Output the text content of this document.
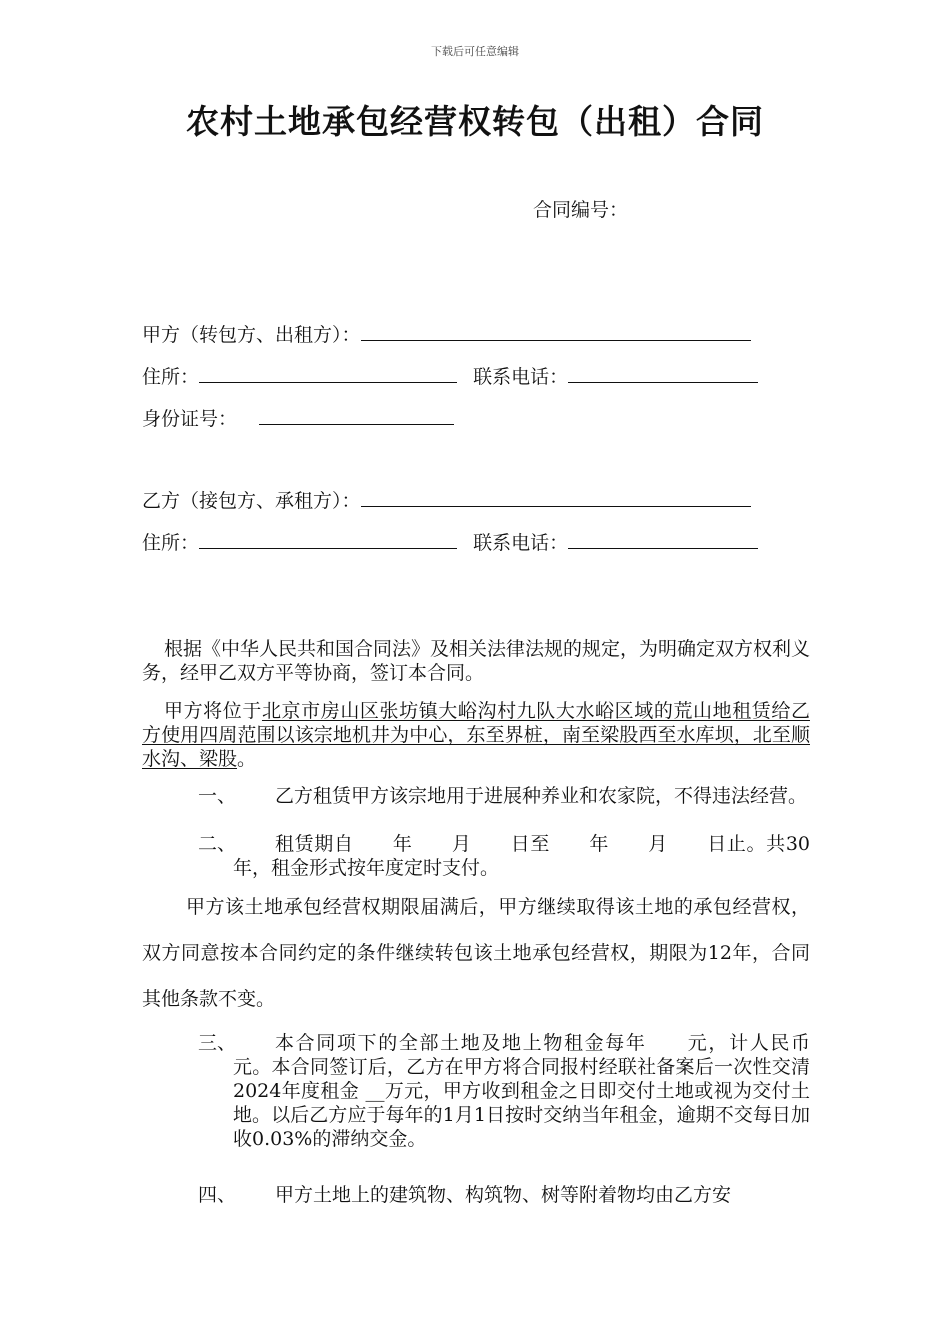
下载后可任意编辑
农村土地承包经营权转包（出租）合同
合同编号：
甲方（转包方、出租方）：
住所：	联系电话：
身份证号：
乙方（接包方、承租方）：
住所：	联系电话：
根据《中华人民共和国合同法》及相关法律法规的规定，为明确定双方权利义务，经甲乙双方平等协商，签订本合同。
甲方将位于北京市房山区张坊镇大峪沟村九队大水峪区域的荒山地租赁给乙方使用四周范围以该宗地机井为中心，东至界桩，南至梁股西至水库坝，北至顺水沟、梁股。
一、	乙方租赁甲方该宗地用于进展种养业和农家院，不得违法经营。
二、	租赁期自　　年　　月　　日至　　年　　月　　日止。共30年，租金形式按年度定时支付。
甲方该土地承包经营权期限届满后，甲方继续取得该土地的承包经营权，双方同意按本合同约定的条件继续转包该土地承包经营权，期限为12年，合同其他条款不变。
三、	本合同项下的全部土地及地上物租金每年　　元，计人民币　　元。本合同签订后，乙方在甲方将合同报村经联社备案后一次性交清2024年度租金 __万元，甲方收到租金之日即交付土地或视为交付土地。以后乙方应于每年的1月1日按时交纳当年租金，逾期不交每日加收0.03%的滞纳交金。
四、	甲方土地上的建筑物、构筑物、树等附着物均由乙方安
